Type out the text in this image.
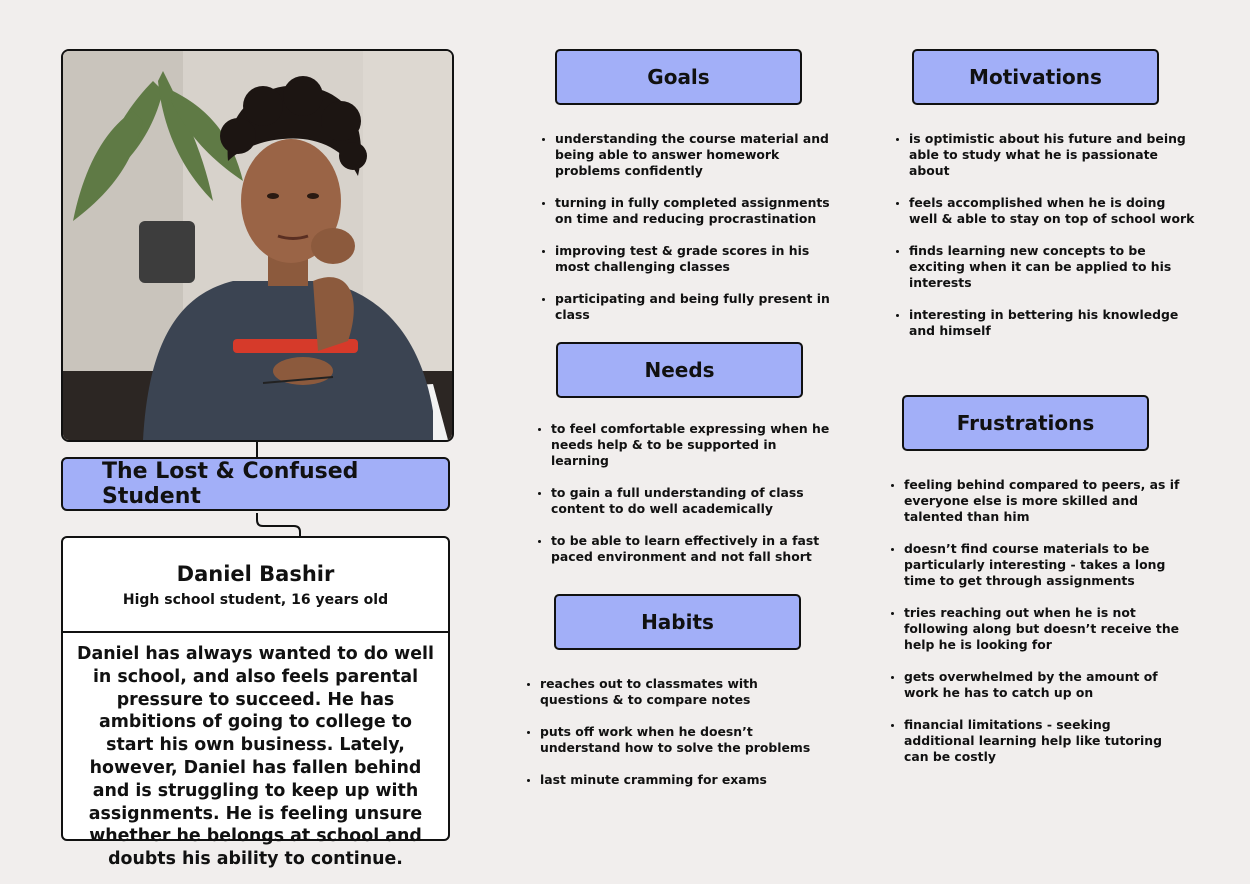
The Lost & Confused Student
Daniel Bashir
High school student, 16 years old
Daniel has always wanted to do well in school, and also feels parental pressure to succeed. He has ambitions of going to college to start his own business. Lately, however, Daniel has fallen behind and is struggling to keep up with assignments. He is feeling unsure whether he belongs at school and doubts his ability to continue.
Goals
understanding the course material and being able to answer homework problems confidently
turning in fully completed assignments on time and reducing procrastination
improving test & grade scores in his most challenging classes
participating and being fully present in class
Motivations
is optimistic about his future and being able to study what he is passionate about
feels accomplished when he is doing well & able to stay on top of school work
finds learning new concepts to be exciting when it can be applied to his interests
interesting in bettering his knowledge and himself
Needs
to feel comfortable expressing when he needs help & to be supported in learning
to gain a full understanding of class content to do well academically
to be able to learn effectively in a fast paced environment and not fall short
Frustrations
feeling behind compared to peers, as if everyone else is more skilled and talented than him
doesn’t find course materials to be particularly interesting - takes a long time to get through assignments
tries reaching out when he is not following along but doesn’t receive the help he is looking for
gets overwhelmed by the amount of work he has to catch up on
financial limitations - seeking additional learning help like tutoring can be costly
Habits
reaches out to classmates with questions & to compare notes
puts off work when he doesn’t understand how to solve the problems
last minute cramming for exams
